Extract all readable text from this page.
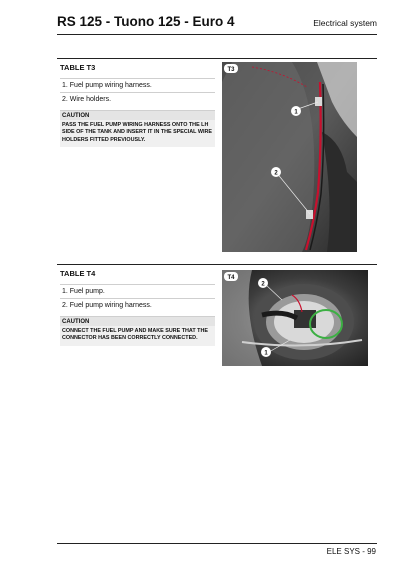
RS 125 - Tuono 125 - Euro 4	Electrical system
TABLE T3
1. Fuel pump wiring harness.
2. Wire holders.
CAUTION
PASS THE FUEL PUMP WIRING HARNESS ONTO THE LH SIDE OF THE TANK AND INSERT IT IN THE SPECIAL WIRE HOLDERS FITTED PREVIOUSLY.
T3
1
2
TABLE T4
1. Fuel pump.
2. Fuel pump wiring harness.
CAUTION
CONNECT THE FUEL PUMP AND MAKE SURE THAT THE CONNECTOR HAS BEEN CORRECTLY CONNECTED.
T4
2
1
ELE SYS - 99
